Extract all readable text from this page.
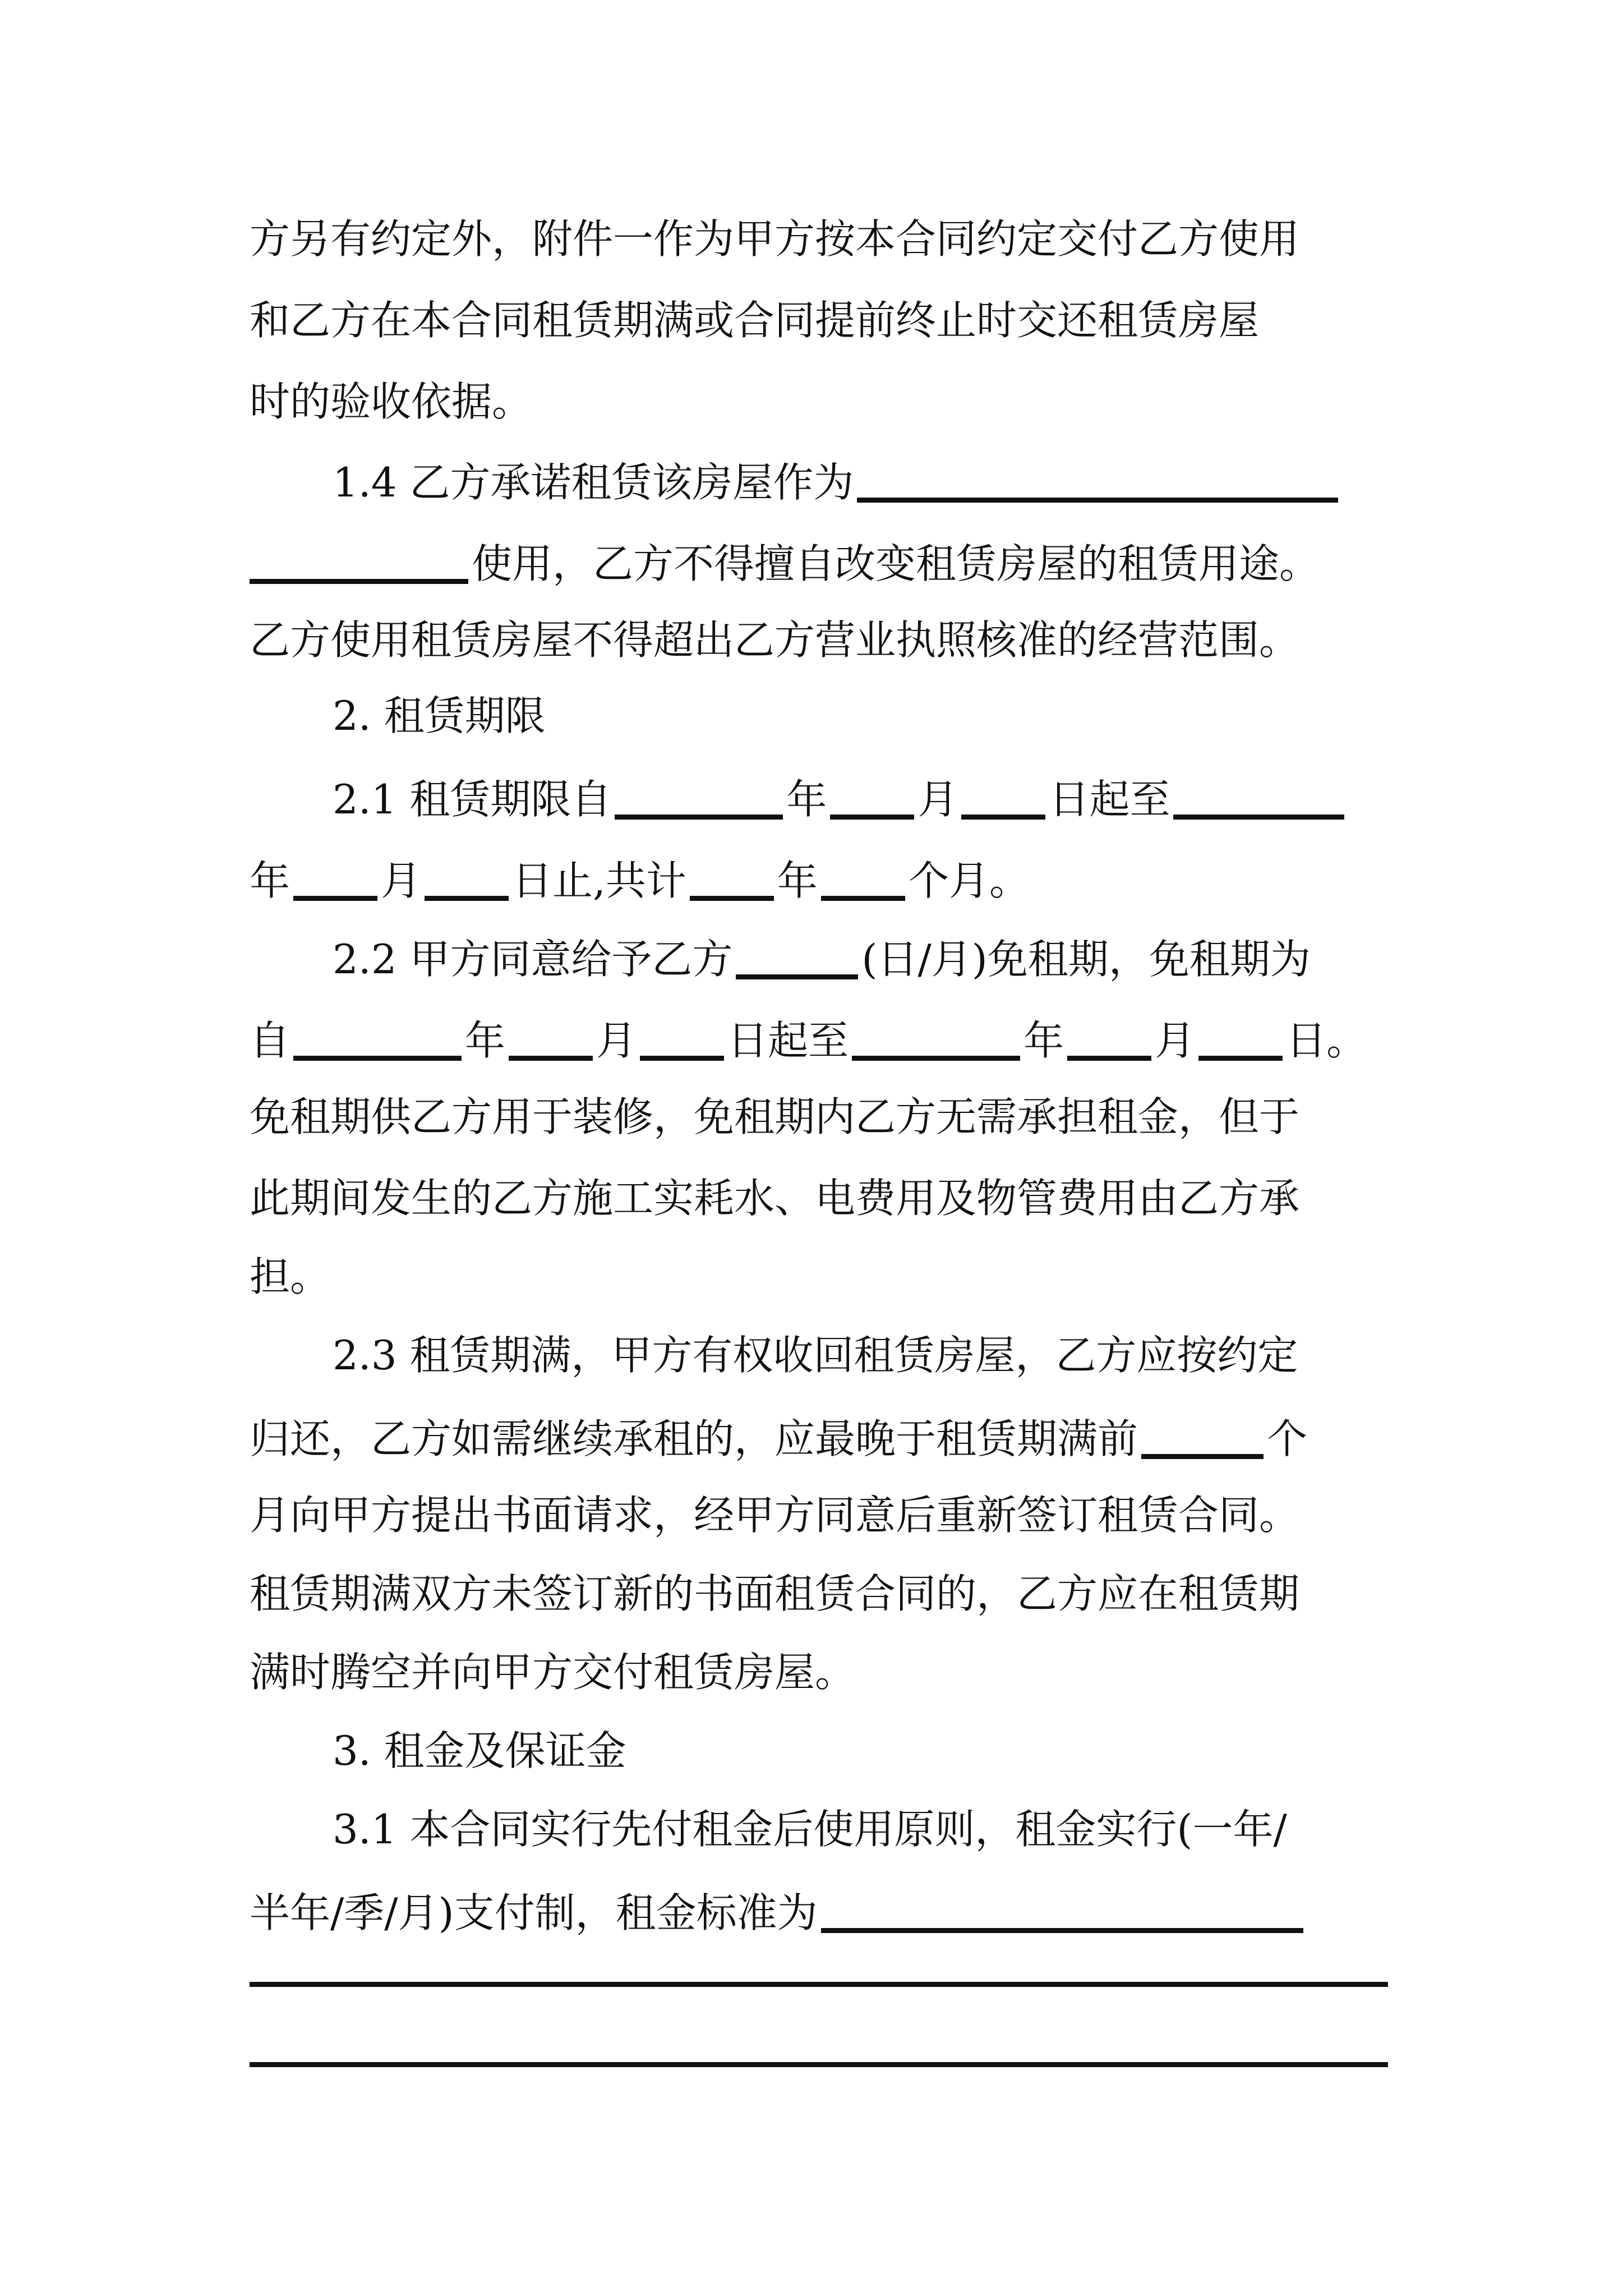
方另有约定外，附件一作为甲方按本合同约定交付乙方使用
和乙方在本合同租赁期满或合同提前终止时交还租赁房屋
时的验收依据。
1.4 乙方承诺租赁该房屋作为
使用，乙方不得擅自改变租赁房屋的租赁用途。
乙方使用租赁房屋不得超出乙方营业执照核准的经营范围。
2. 租赁期限
2.1 租赁期限自	年 月 日起至
年 月 日止,共计 年 个月。
2.2 甲方同意给予乙方	(日/月)免租期，免租期为
自	年 月 日起至	年 月 日。
免租期供乙方用于装修，免租期内乙方无需承担租金，但于
此期间发生的乙方施工实耗水、电费用及物管费用由乙方承
担。
2.3 租赁期满，甲方有权收回租赁房屋，乙方应按约定
归还，乙方如需继续承租的，应最晚于租赁期满前	个
月向甲方提出书面请求，经甲方同意后重新签订租赁合同。
租赁期满双方未签订新的书面租赁合同的，乙方应在租赁期
满时腾空并向甲方交付租赁房屋。
3. 租金及保证金
3.1 本合同实行先付租金后使用原则，租金实行(一年/
半年/季/月)支付制，租金标准为
